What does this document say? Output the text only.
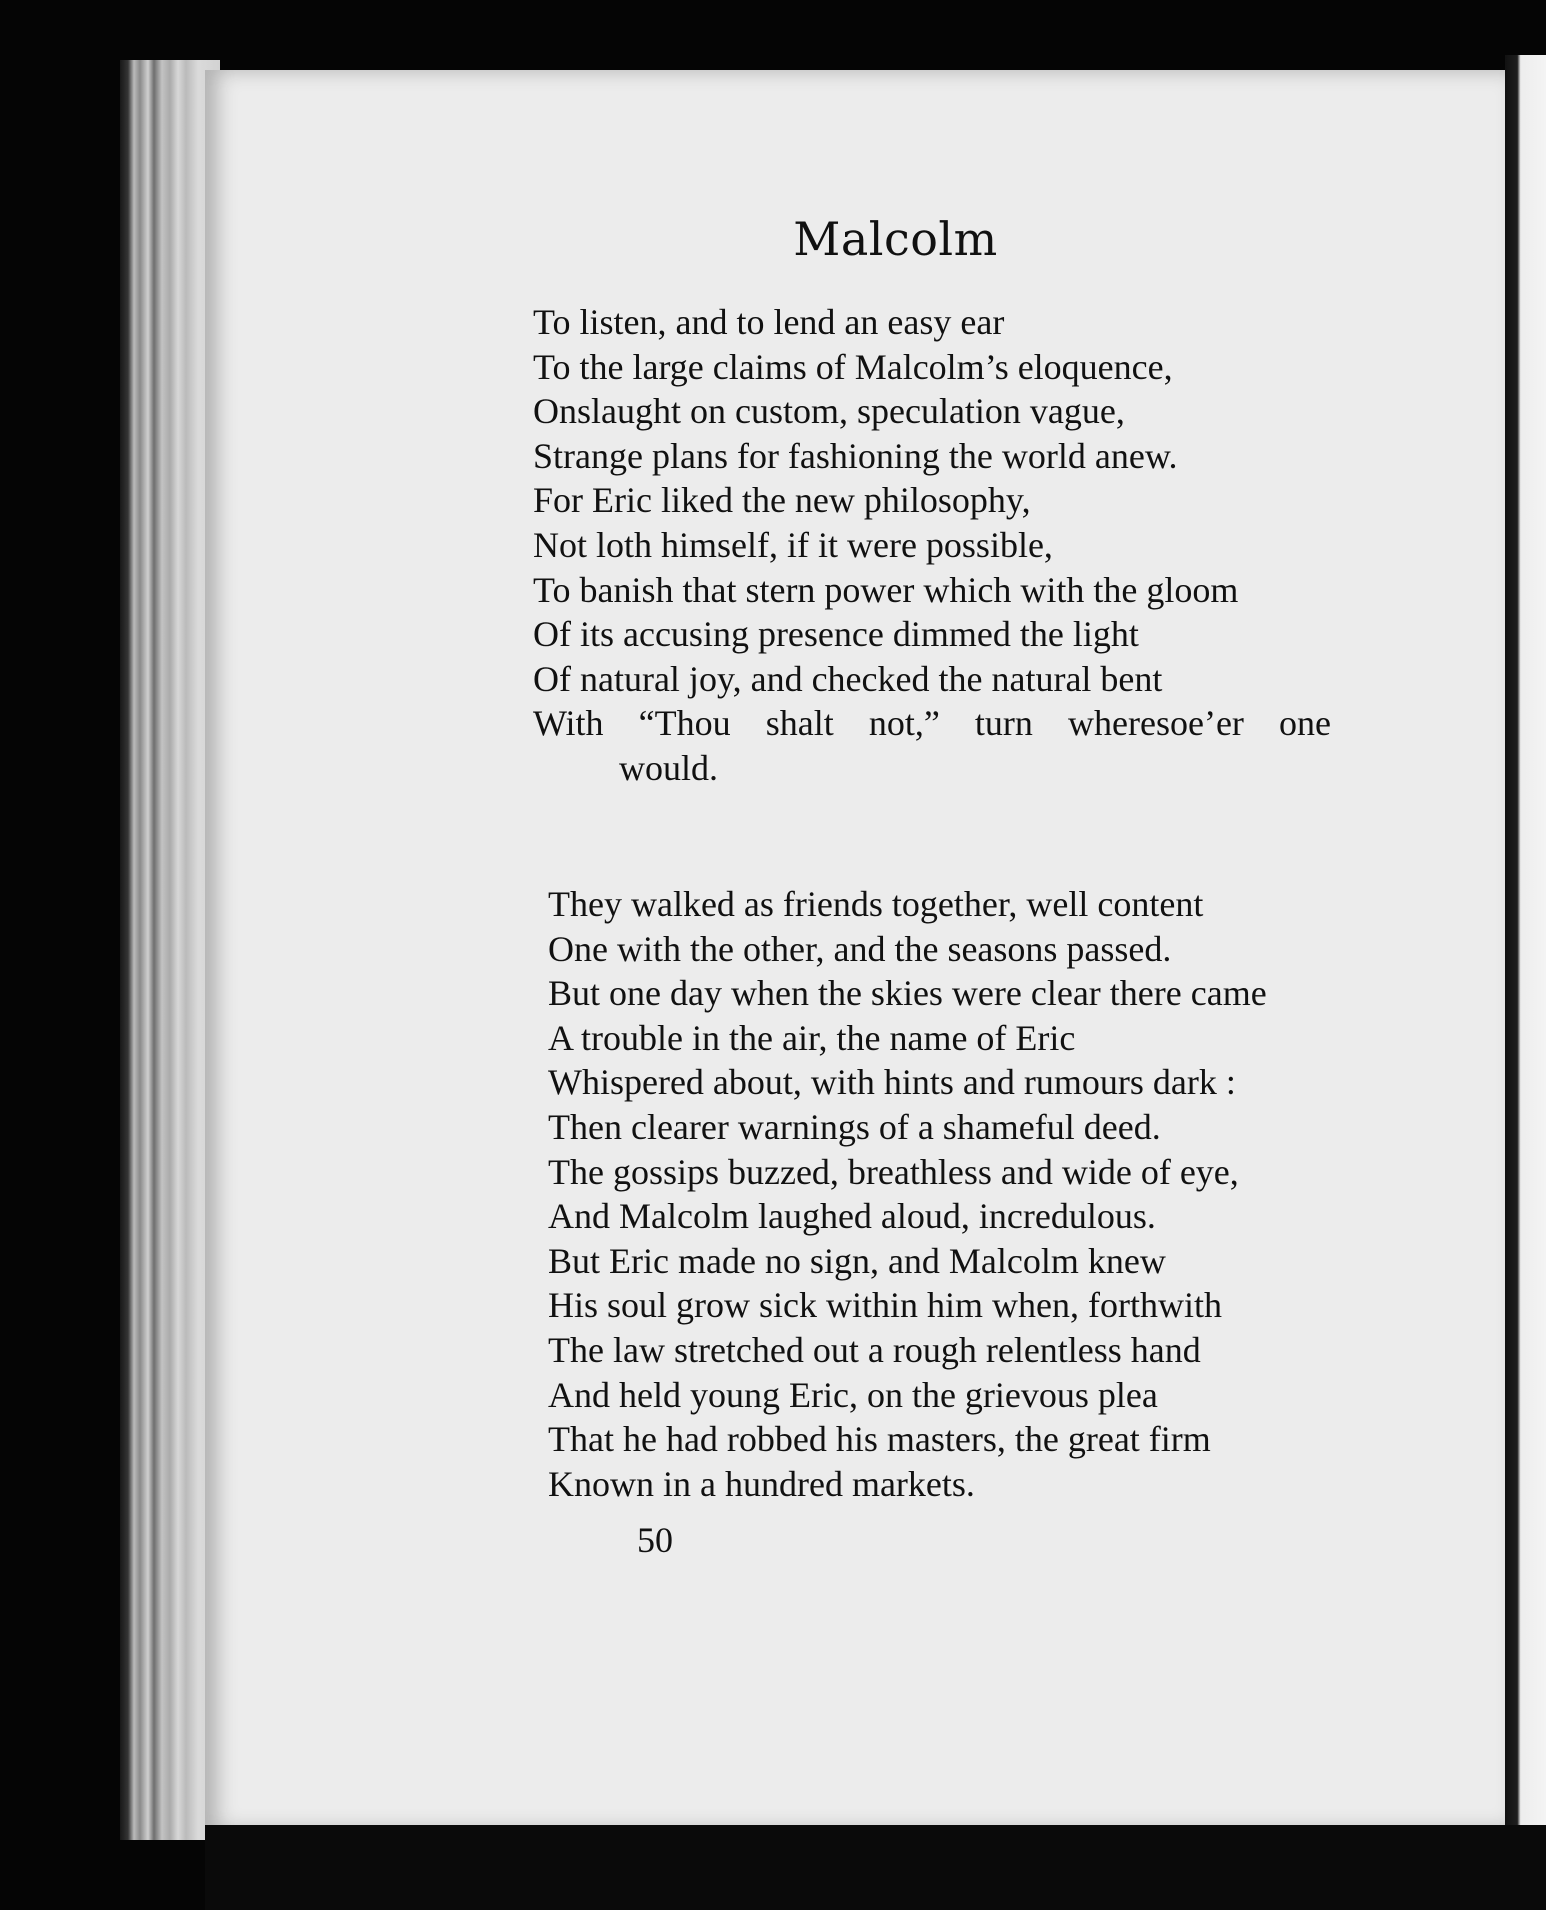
Malcolm
To listen, and to lend an easy ear
To the large claims of Malcolm’s eloquence,
Onslaught on custom, speculation vague,
Strange plans for fashioning the world anew.
For Eric liked the new philosophy,
Not loth himself, if it were possible,
To banish that stern power which with the gloom
Of its accusing presence dimmed the light
Of natural joy, and checked the natural bent
With “Thou shalt not,” turn wheresoe’er one
would.
They walked as friends together, well content
One with the other, and the seasons passed.
But one day when the skies were clear there came
A trouble in the air, the name of Eric
Whispered about, with hints and rumours dark :
Then clearer warnings of a shameful deed.
The gossips buzzed, breathless and wide of eye,
And Malcolm laughed aloud, incredulous.
But Eric made no sign, and Malcolm knew
His soul grow sick within him when, forthwith
The law stretched out a rough relentless hand
And held young Eric, on the grievous plea
That he had robbed his masters, the great firm
Known in a hundred markets.
50
